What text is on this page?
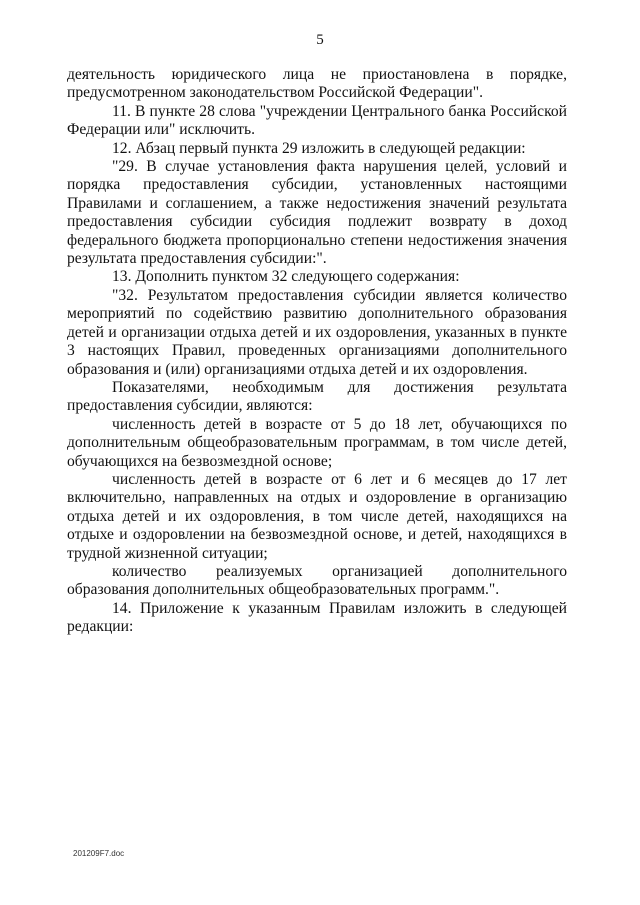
5

деятельность юридического лица не приостановлена в порядке, предусмотренном законодательством Российской Федерации".

11. В пункте 28 слова "учреждении Центрального банка Российской Федерации или" исключить.

12. Абзац первый пункта 29 изложить в следующей редакции:

"29. В случае установления факта нарушения целей, условий и порядка предоставления субсидии, установленных настоящими Правилами и соглашением, а также недостижения значений результата предоставления субсидии субсидия подлежит возврату в доход федерального бюджета пропорционально степени недостижения значения результата предоставления субсидии:".

13. Дополнить пунктом 32 следующего содержания:

"32. Результатом предоставления субсидии является количество мероприятий по содействию развитию дополнительного образования детей и организации отдыха детей и их оздоровления, указанных в пункте 3 настоящих Правил, проведенных организациями дополнительного образования и (или) организациями отдыха детей и их оздоровления.

Показателями, необходимым для достижения результата предоставления субсидии, являются:

численность детей в возрасте от 5 до 18 лет, обучающихся по дополнительным общеобразовательным программам, в том числе детей, обучающихся на безвозмездной основе;

численность детей в возрасте от 6 лет и 6 месяцев до 17 лет включительно, направленных на отдых и оздоровление в организацию отдыха детей и их оздоровления, в том числе детей, находящихся на отдыхе и оздоровлении на безвозмездной основе, и детей, находящихся в трудной жизненной ситуации;

количество реализуемых организацией дополнительного образования дополнительных общеобразовательных программ.".

14. Приложение к указанным Правилам изложить в следующей редакции:

201209F7.doc
